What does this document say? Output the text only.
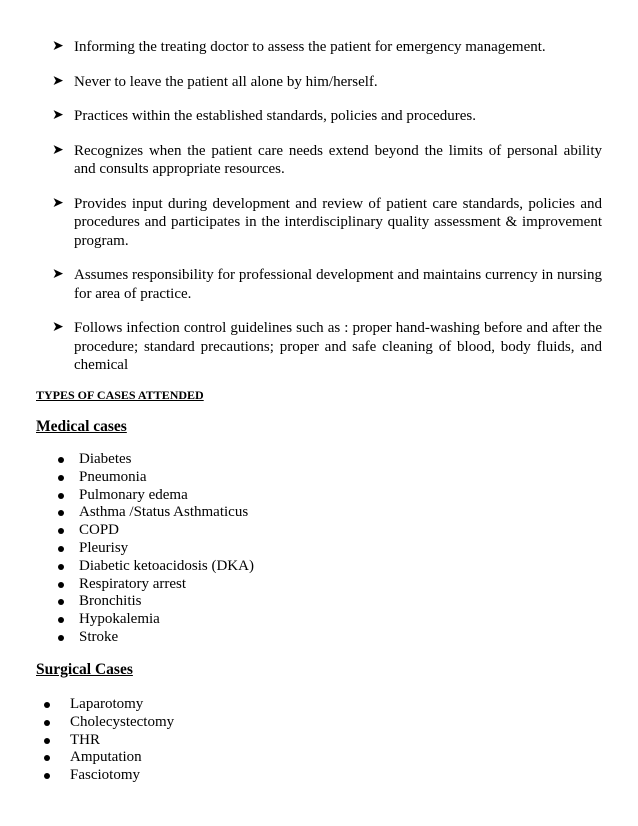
➤ Informing the treating doctor to assess the patient for emergency management.
➤ Never to leave the patient all alone by him/herself.
➤ Practices within the established standards, policies and procedures.
➤ Recognizes when the patient care needs extend beyond the limits of personal ability and consults appropriate resources.
➤ Provides input during development and review of patient care standards, policies and procedures and participates in the interdisciplinary quality assessment & improvement program.
➤ Assumes responsibility for professional development and maintains currency in nursing for area of practice.
➤ Follows infection control guidelines such as : proper hand-washing before and after the procedure; standard precautions; proper and safe cleaning of blood, body fluids, and chemical
TYPES OF CASES ATTENDED
Medical cases
Diabetes
Pneumonia
Pulmonary edema
Asthma /Status Asthmaticus
COPD
Pleurisy
Diabetic ketoacidosis (DKA)
Respiratory arrest
Bronchitis
Hypokalemia
Stroke
Surgical Cases
Laparotomy
Cholecystectomy
THR
Amputation
Fasciotomy
